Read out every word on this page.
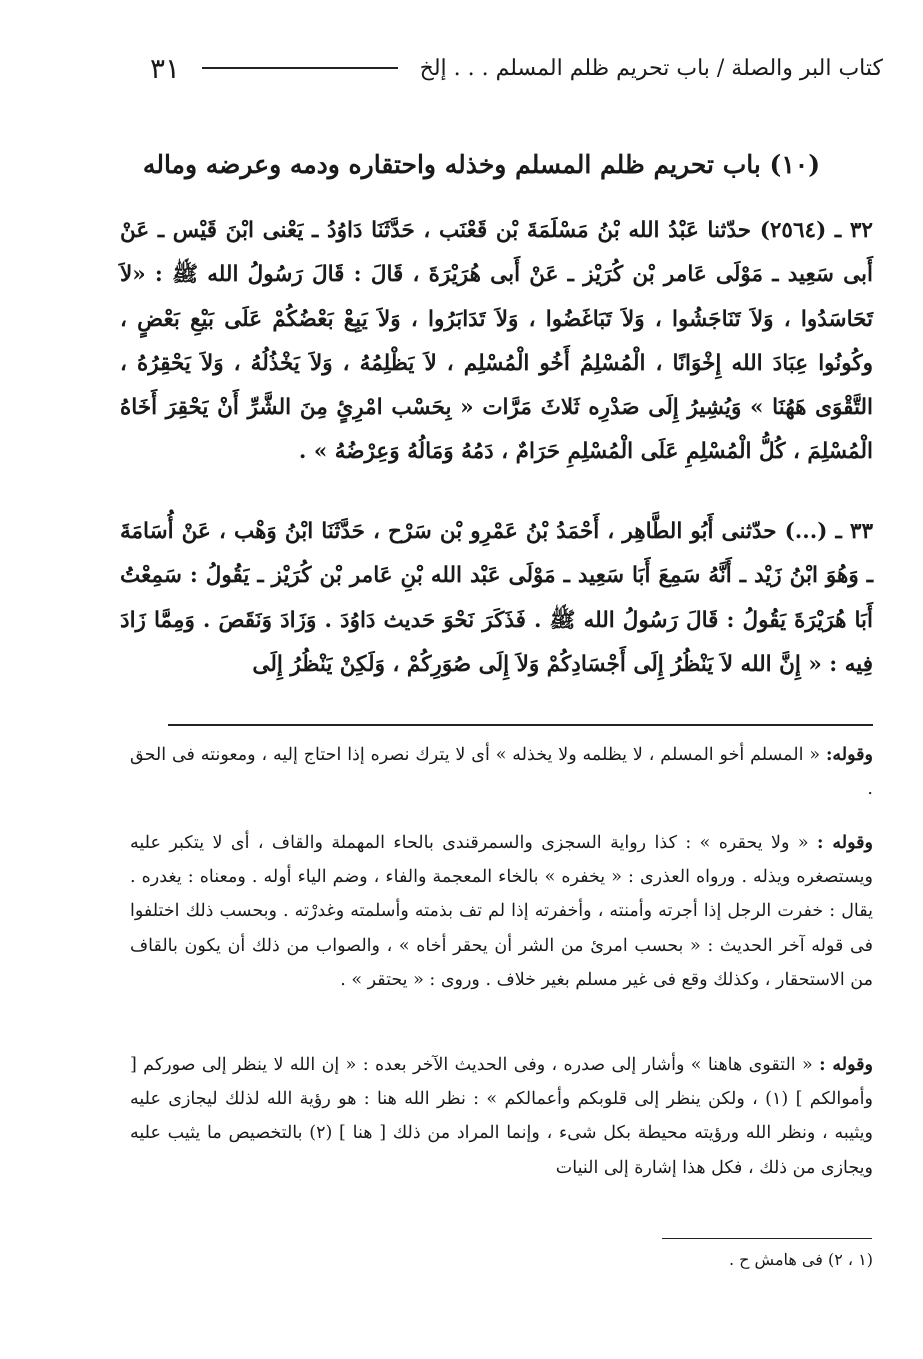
كتاب البر والصلة / باب تحريم ظلم المسلم . . . إلخ
٣١
(١٠) باب تحريم ظلم المسلم وخذله واحتقاره ودمه وعرضه وماله
٣٢ ـ (٢٥٦٤) حدّثنا عَبْدُ الله بْنُ مَسْلَمَةَ بْن قَعْنَب ، حَدَّثَنَا دَاوُدُ ـ يَعْنى ابْنَ قَيْس ـ عَنْ أَبى سَعِيد ـ مَوْلَى عَامر بْن كُرَيْز ـ عَنْ أَبى هُرَيْرَةَ ، قَالَ : قَالَ رَسُولُ الله ﷺ : «لاَ تَحَاسَدُوا ، وَلاَ تَنَاجَشُوا ، وَلاَ تَبَاغَضُوا ، وَلاَ تَدَابَرُوا ، وَلاَ يَبِعْ بَعْضُكُمْ عَلَى بَيْعِ بَعْضٍ ، وكُونُوا عِبَادَ الله إِخْوَانًا ، الْمُسْلِمُ أَخُو الْمُسْلِم ، لاَ يَظْلِمُهُ ، وَلاَ يَخْذُلُهُ ، وَلاَ يَحْقِرُهُ ، التَّقْوَى هَهُنَا » وَيُشِيرُ إِلَى صَدْرِه ثَلاثَ مَرَّات « بِحَسْب امْرِئٍ مِنَ الشَّرِّ أَنْ يَحْقِرَ أَخَاهُ الْمُسْلِمَ ، كُلُّ الْمُسْلِمِ عَلَى الْمُسْلِمِ حَرَامٌ ، دَمُهُ وَمَالُهُ وَعِرْضُهُ » .
٣٣ ـ (...) حدّثنى أَبُو الطَّاهِر ، أَحْمَدُ بْنُ عَمْرِو بْن سَرْح ، حَدَّثَنَا ابْنُ وَهْب ، عَنْ أُسَامَةَ ـ وَهُوَ ابْنُ زَيْد ـ أَنَّهُ سَمِعَ أَبَا سَعِيد ـ مَوْلَى عَبْد الله بْنِ عَامر بْن كُرَيْز ـ يَقُولُ : سَمِعْتُ أَبَا هُرَيْرَةَ يَقُولُ : قَالَ رَسُولُ الله ﷺ . فَذَكَرَ نَحْوَ حَديث دَاوُدَ . وَزَادَ وَنَقَصَ . وَمِمَّا زَادَ فِيه : « إِنَّ الله لاَ يَنْظُرُ إِلَى أَجْسَادِكُمْ وَلاَ إِلَى صُوَرِكُمْ ، وَلَكِنْ يَنْظُرُ إِلَى
وقوله: « المسلم أخو المسلم ، لا يظلمه ولا يخذله » أى لا يترك نصره إذا احتاج إليه ، ومعونته فى الحق .
وقوله : « ولا يحقره » : كذا رواية السجزى والسمرقندى بالحاء المهملة والقاف ، أى لا يتكبر عليه ويستصغره ويذله . ورواه العذرى : « يخفره » بالخاء المعجمة والفاء ، وضم الياء أوله . ومعناه : يغدره . يقال : خفرت الرجل إذا أجرته وأمنته ، وأخفرته إذا لم تف بذمته وأسلمته وغدرْته . وبحسب ذلك اختلفوا فى قوله آخر الحديث : « بحسب امرئ من الشر أن يحقر أخاه » ، والصواب من ذلك أن يكون بالقاف من الاستحقار ، وكذلك وقع فى غير مسلم بغير خلاف . وروى : « يحتقر » .
وقوله : « التقوى هاهنا » وأشار إلى صدره ، وفى الحديث الآخر بعده : « إن الله لا ينظر إلى صوركم [ وأموالكم ] (١) ، ولكن ينظر إلى قلوبكم وأعمالكم » : نظر الله هنا : هو رؤية الله لذلك ليجازى عليه ويثيبه ، ونظر الله ورؤيته محيطة بكل شىء ، وإنما المراد من ذلك [ هنا ] (٢) بالتخصيص ما يثيب عليه ويجازى من ذلك ، فكل هذا إشارة إلى النيات
(١ ، ٢) فى هامش ح .
